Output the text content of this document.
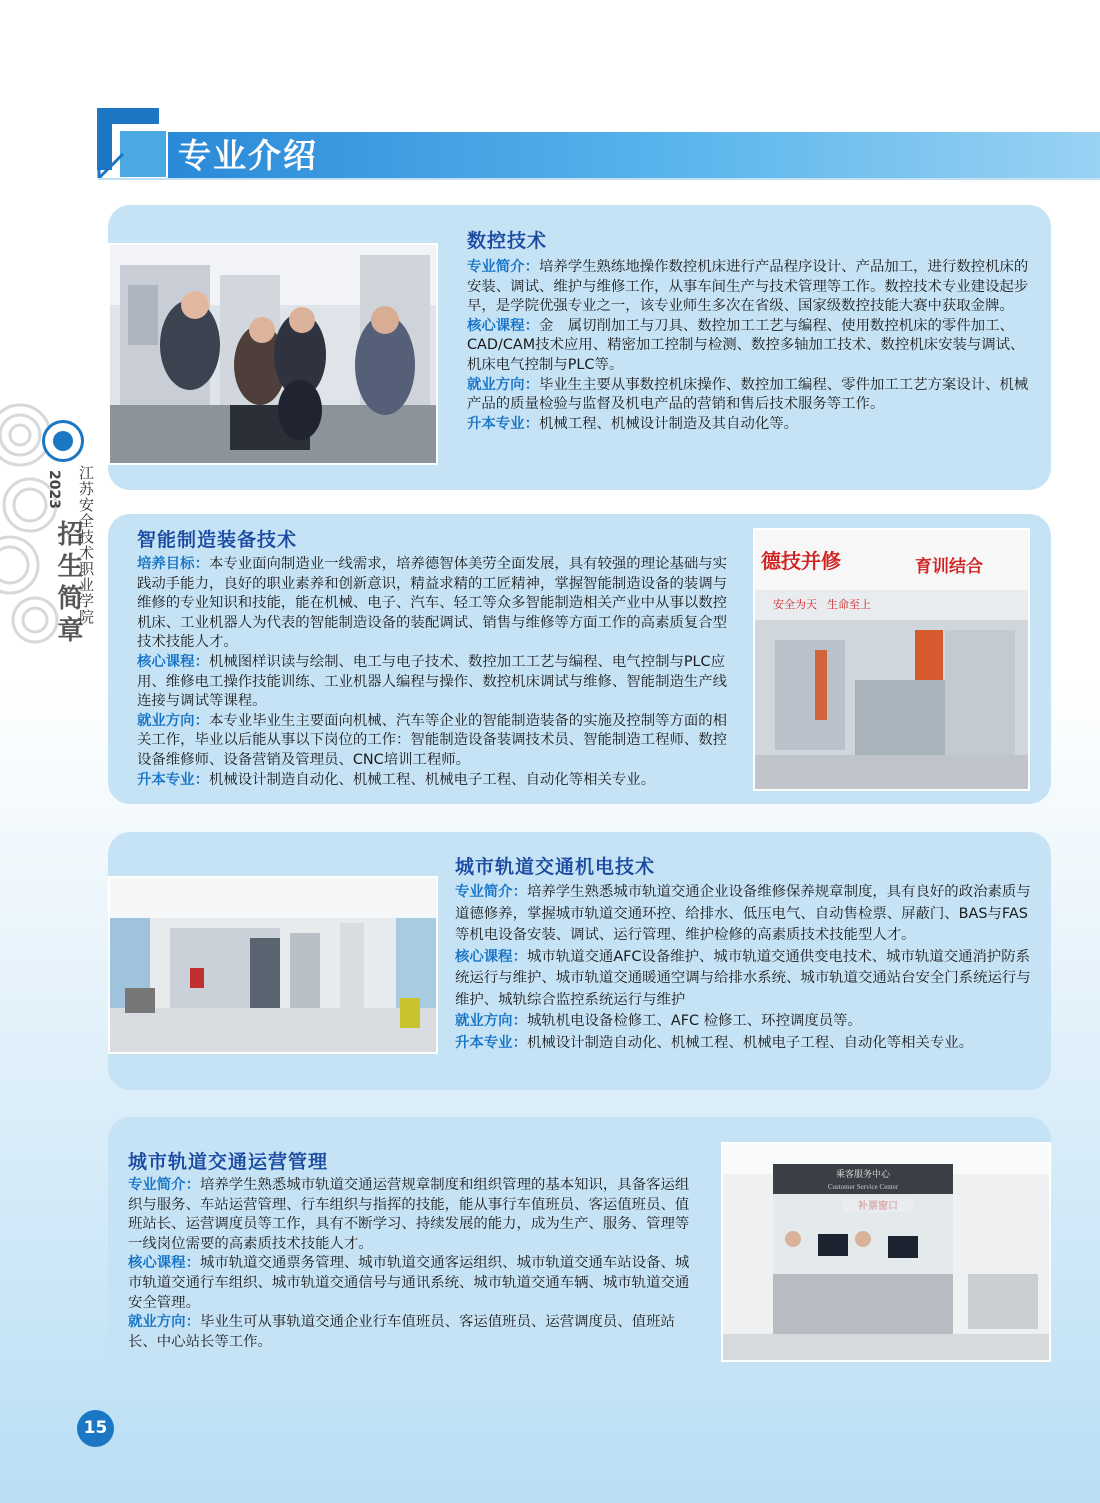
专业介绍
2023
招生简章
江苏安全技术职业学院
数控技术

专业简介：培养学生熟练地操作数控机床进行产品程序设计、产品加工，进行数控机床的安装、调试、维护与维修工作，从事车间生产与技术管理等工作。数控技术专业建设起步早，是学院优强专业之一，该专业师生多次在省级、国家级数控技能大赛中获取金牌。

核心课程：金　属切削加工与刀具、数控加工工艺与编程、使用数控机床的零件加工、CAD/CAM技术应用、精密加工控制与检测、数控多轴加工技术、数控机床安装与调试、机床电气控制与PLC等。

就业方向：毕业生主要从事数控机床操作、数控加工编程、零件加工工艺方案设计、机械产品的质量检验与监督及机电产品的营销和售后技术服务等工作。

升本专业：机械工程、机械设计制造及其自动化等。

智能制造装备技术

培养目标：本专业面向制造业一线需求，培养德智体美劳全面发展，具有较强的理论基础与实践动手能力，良好的职业素养和创新意识，精益求精的工匠精神，掌握智能制造设备的装调与维修的专业知识和技能，能在机械、电子、汽车、轻工等众多智能制造相关产业中从事以数控机床、工业机器人为代表的智能制造设备的装配调试、销售与维修等方面工作的高素质复合型技术技能人才。

核心课程：机械图样识读与绘制、电工与电子技术、数控加工工艺与编程、电气控制与PLC应用、维修电工操作技能训练、工业机器人编程与操作、数控机床调试与维修、智能制造生产线连接与调试等课程。

就业方向：本专业毕业生主要面向机械、汽车等企业的智能制造装备的实施及控制等方面的相关工作，毕业以后能从事以下岗位的工作：智能制造设备装调技术员、智能制造工程师、数控设备维修师、设备营销及管理员、CNC培训工程师。

升本专业：机械设计制造自动化、机械工程、机械电子工程、自动化等相关专业。

德技并修	育训结合
安全为天 生命至上
城市轨道交通机电技术

专业简介：培养学生熟悉城市轨道交通企业设备维修保养规章制度，具有良好的政治素质与道德修养，掌握城市轨道交通环控、给排水、低压电气、自动售检票、屏蔽门、BAS与FAS等机电设备安装、调试、运行管理、维护检修的高素质技术技能型人才。

核心课程：城市轨道交通AFC设备维护、城市轨道交通供变电技术、城市轨道交通消护防系统运行与维护、城市轨道交通暖通空调与给排水系统、城市轨道交通站台安全门系统运行与维护、城轨综合监控系统运行与维护

就业方向：城轨机电设备检修工、AFC 检修工、环控调度员等。

升本专业：机械设计制造自动化、机械工程、机械电子工程、自动化等相关专业。

城市轨道交通运营管理

专业简介：培养学生熟悉城市轨道交通运营规章制度和组织管理的基本知识，具备客运组织与服务、车站运营管理、行车组织与指挥的技能，能从事行车值班员、客运值班员、值班站长、运营调度员等工作，具有不断学习、持续发展的能力，成为生产、服务、管理等一线岗位需要的高素质技术技能人才。

核心课程：城市轨道交通票务管理、城市轨道交通客运组织、城市轨道交通车站设备、城市轨道交通行车组织、城市轨道交通信号与通讯系统、城市轨道交通车辆、城市轨道交通安全管理。

就业方向：毕业生可从事轨道交通企业行车值班员、客运值班员、运营调度员、值班站长、中心站长等工作。

乘客服务中心
Customer Service Center
15
